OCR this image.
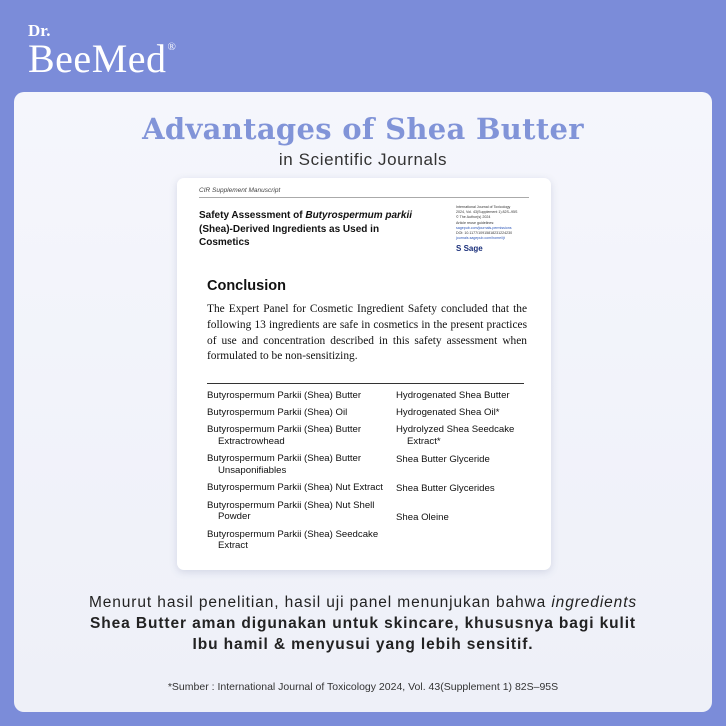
Dr.
BeeMed®
Advantages of Shea Butter
in Scientific Journals
CIR Supplement Manuscript
Safety Assessment of Butyrospermum parkii (Shea)-Derived Ingredients as Used in Cosmetics
International Journal of Toxicology
2024, Vol. 43(Supplement 1) 82S–95S
© The Author(s) 2024
Article reuse guidelines:
sagepub.com/journals-permissions
DOI: 10.1177/10915818231224230
journals.sagepub.com/home/ijt
S Sage
Conclusion
The Expert Panel for Cosmetic Ingredient Safety concluded that the following 13 ingredients are safe in cosmetics in the present practices of use and concentration described in this safety assessment when formulated to be non-sensitizing.
Butyrospermum Parkii (Shea) Butter
Butyrospermum Parkii (Shea) Oil
Butyrospermum Parkii (Shea) Butter Extractrowhead
Butyrospermum Parkii (Shea) Butter Unsaponifiables
Butyrospermum Parkii (Shea) Nut Extract
Butyrospermum Parkii (Shea) Nut Shell Powder
Butyrospermum Parkii (Shea) Seedcake Extract
Hydrogenated Shea Butter
Hydrogenated Shea Oil*
Hydrolyzed Shea Seedcake Extract*
Shea Butter Glyceride
Shea Butter Glycerides
Shea Oleine
Menurut hasil penelitian, hasil uji panel menunjukan bahwa ingredients
Shea Butter aman digunakan untuk skincare, khususnya bagi kulit
Ibu hamil & menyusui yang lebih sensitif.
*Sumber : International Journal of Toxicology 2024, Vol. 43(Supplement 1) 82S–95S
